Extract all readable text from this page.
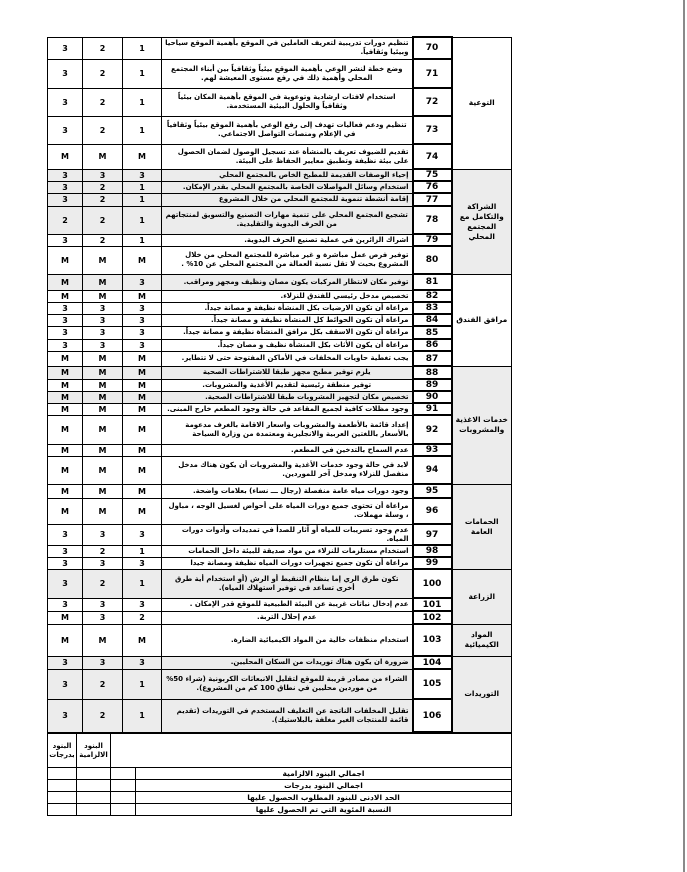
3	2	1	تنظيم دورات تدريبية لتعريف العاملين في الموقع بأهمية الموقع سياحيا وبيئيا وثقافياً.	70	التوعية
3	2	1	وضع خطة لنشر الوعي بأهمية الموقع بيئياً وثقافياً بين أبناء المجتمع المحلي وأهمية ذلك في رفع مستوى المعيشة لهم.	71	
3	2	1	استخدام لافتات ارشادية وتوعوية في الموقع بأهمية المكان بيئياً وثقافياً والحلول البيئية المستخدمة.	72	
3	2	1	تنظيم ودعم فعاليات تهدف إلى رفع الوعي بأهمية الموقع بيئياً وثقافياً في الإعلام ومنصات التواصل الاجتماعي.	73	
M	M	M	تقديم للضيوف تعريف بالمنشأة عند تسجيل الوصول لضمان الحصول على بيئة نظيفة وتطبيق معايير الحفاظ على البيئة.	74	
3	3	3	إحياء الوصفات القديمة للمطبخ الخاص بالمجتمع المحلي	75	الشراكة والتكامل مع المجتمع المحلي
3	2	1	استخدام وسائل المواصلات الخاصة بالمجتمع المحلي بقدر الإمكان.	76	
3	2	1	إقامة أنشطة تنموية للمجتمع المحلي من خلال المشروع	77	
2	2	1	تشجيع المجتمع المحلي على تنمية مهارات التصنيع والتسويق لمنتجاتهم من الحرف اليدوية والتقليدية.	78	
3	2	1	اشراك الزائرين في عملية تصنيع الحرف اليدوية.	79	
M	M	M	توفير فرص عمل مباشرة و غير مباشرة للمجتمع المحلي من خلال المشروع بحيث لا تقل نسبة العمالة من المجتمع المحلي عن 10% .	80	
M	M	3	توفير مكان لانتظار المركبات يكون مصان ونظيف ومجهز ومراقب.	81	مرافق الفندق
M	M	M	تخصيص مدخل رئيسي للفندق للنزلاء.	82	
3	3	3	مراعاة أن تكون الارضيات بكل المنشأة نظيفة و مصانة جيداً.	83	
3	3	3	مراعاة أن تكون الحوائط كل المنشأة نظيفة و مصانة جيداً.	84	
3	3	3	مراعاة أن تكون الاسقف بكل مرافق المنشأة نظيفة و مصانة جيداً.	85	
3	3	3	مراعاة أن يكون الأثاث بكل المنشأة نظيف و مصان جيداً.	86	
M	M	M	يجب تغطية حاويات المخلفات في الأماكن المفتوحة حتى لا تتطاير.	87	
M	M	M	يلزم توفير مطبخ مجهز طبقا للاشتراطات الصحية	88	خدمات الاغذية والمشروبات
M	M	M	توفير منطقة رئيسية لتقديم الأغذية والمشروبات.	89	
M	M	M	تخصيص مكان لتجهيز المشروبات طبقا للاشتراطات الصحية.	90	
M	M	M	وجود مظلات كافية لجميع المقاعد في حالة وجود المطعم خارج المبنى.	91	
M	M	M	إعداد قائمة بالأطعمة والمشروبات واسعار الاقامة بالغرف مدعومة بالأسعار باللغتين العربية والانجليزية ومعتمدة من وزارة السياحة	92	
M	M	M	عدم السماح بالتدخين في المطعم.	93	
M	M	M	لابد في حالة وجود خدمات الأغذية والمشروبات أن يكون هناك مدخل منفصل للنزلاء ومدخل آخر للموردين.	94	
M	M	M	وجود دورات مياه عامة منفصلة (رجال ـــ نساء) بعلامات واضحة.	95	الحمامات العامة
M	M	M	مراعاة أن تحتوى جميع دورات المياه على أحواض لغسيل الوجه ، مباول ، وسلة مهملات.	96	
3	3	3	عدم وجود تسريبات للمياه أو آثار للصدأ في تمديدات وأدوات دورات المياه.	97	
3	2	1	استخدام مستلزمات للنزلاء من مواد صديقة للبيئة داخل الحمامات	98	
3	3	3	مراعاة أن تكون جميع تجهيزات دورات المياه نظيفة ومصانة جيدا	99	
3	2	1	تكون طرق الري إما بنظام التنقيط أو الرش (أو استخدام أية طرق أخرى تساعد في توفير استهلاك المياه).	100	الزراعة
3	3	3	عدم إدخال نباتات غريبة عن البيئة الطبيعية للموقع قدر الإمكان .	101	
M	3	2	عدم إحلال التربة.	102	
M	M	M	استخدام منظفات خالية من المواد الكيميائية الضارة.	103	المواد الكيميائية
3	3	3	ضرورة ان يكون هناك توريدات من السكان المحليين.	104	التوريدات
3	2	1	الشراء من مصادر قريبة للموقع لتقليل الانبعاثات الكربونية (شراء 50% من موردين محليين في نطاق 100 كم من المشروع).	105	
3	2	1	تقليل المخلفات الناتجة عن التغليف المستخدم في التوريدات (تقديم قائمة للمنتجات الغير مغلفة بالبلاستيك).	106	
البنود بدرجات	البنود الالزامية		
			اجمالي البنود الالزامية
			اجمالي البنود بدرجات
			الحد الادنى للبنود المطلوب الحصول عليها
			النسبة المئوية التي تم الحصول عليها
